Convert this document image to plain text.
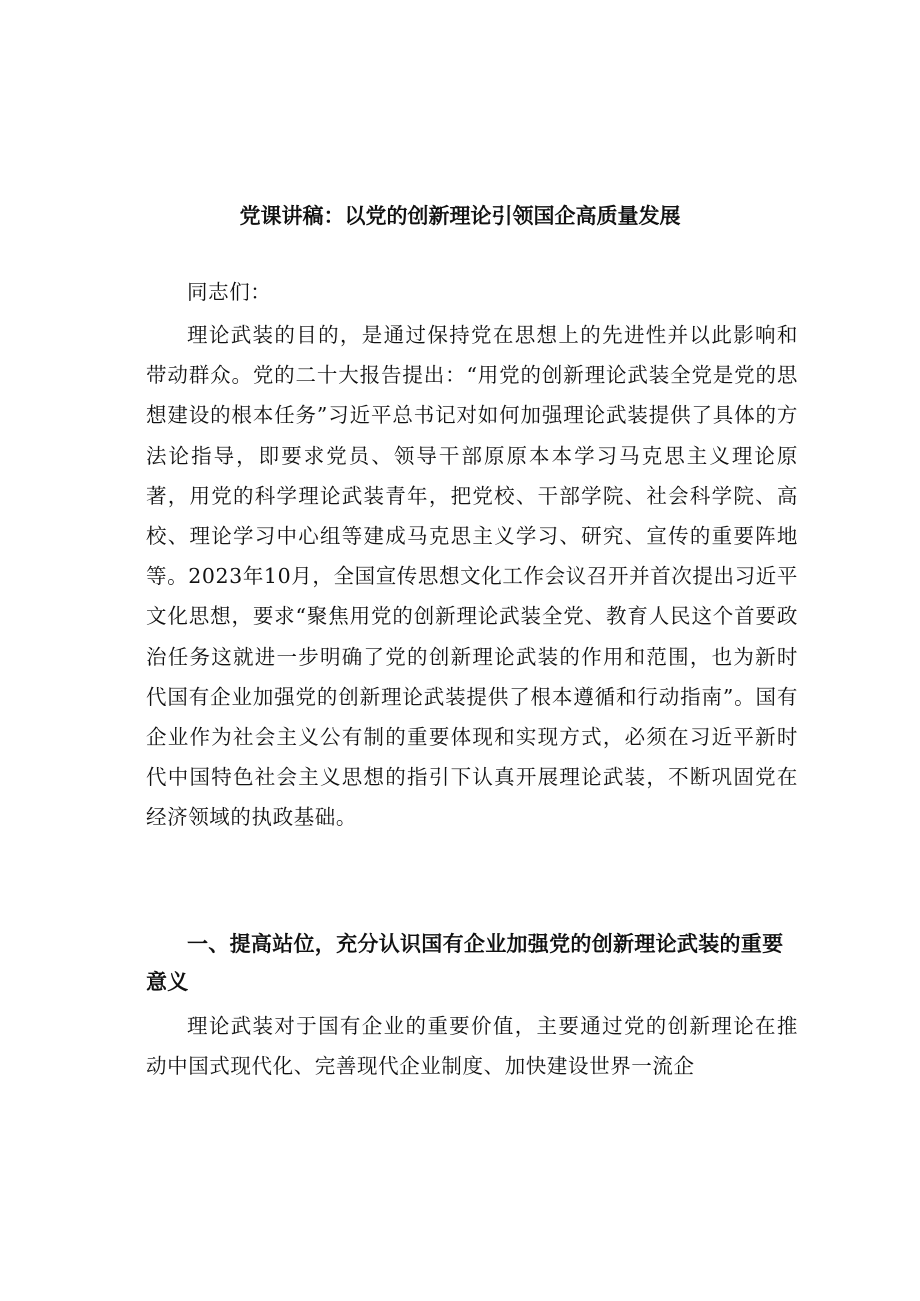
党课讲稿：以党的创新理论引领国企高质量发展

同志们：

理论武装的目的，是通过保持党在思想上的先进性并以此影响和带动群众。党的二十大报告提出：“用党的创新理论武装全党是党的思想建设的根本任务”习近平总书记对如何加强理论武装提供了具体的方法论指导，即要求党员、领导干部原原本本学习马克思主义理论原著，用党的科学理论武装青年，把党校、干部学院、社会科学院、高校、理论学习中心组等建成马克思主义学习、研究、宣传的重要阵地等。2023年10月，全国宣传思想文化工作会议召开并首次提出习近平文化思想，要求“聚焦用党的创新理论武装全党、教育人民这个首要政治任务这就进一步明确了党的创新理论武装的作用和范围，也为新时代国有企业加强党的创新理论武装提供了根本遵循和行动指南”。国有企业作为社会主义公有制的重要体现和实现方式，必须在习近平新时代中国特色社会主义思想的指引下认真开展理论武装，不断巩固党在经济领域的执政基础。

一、提高站位，充分认识国有企业加强党的创新理论武装的重要意义

理论武装对于国有企业的重要价值，主要通过党的创新理论在推动中国式现代化、完善现代企业制度、加快建设世界一流企
